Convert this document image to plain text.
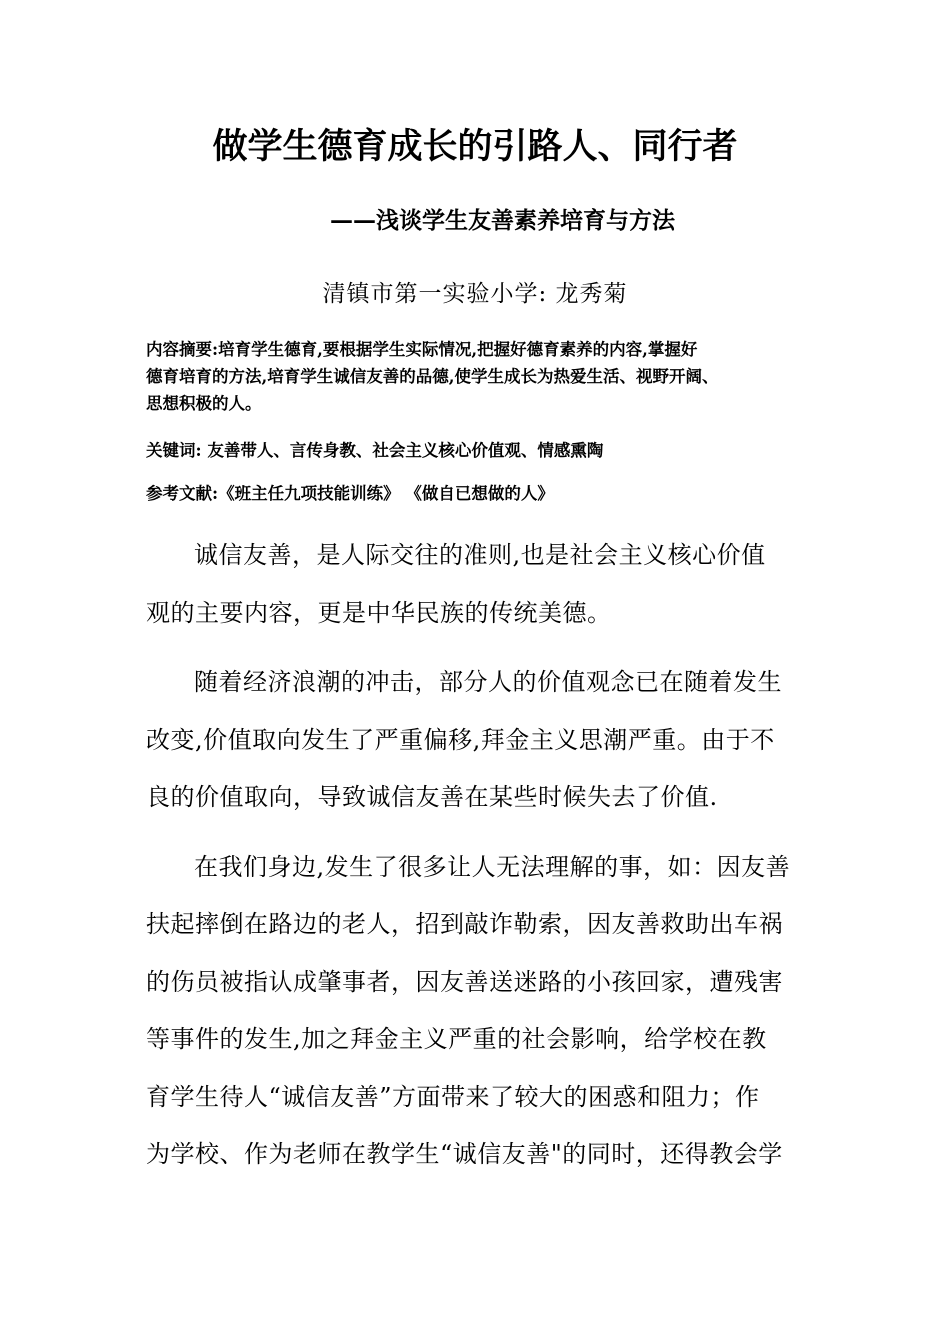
做学生德育成长的引路人、同行者
——浅谈学生友善素养培育与方法
清镇市第一实验小学: 龙秀菊
内容摘要:培育学生德育,要根据学生实际情况,把握好德育素养的内容,掌握好
德育培育的方法,培育学生诚信友善的品德,使学生成长为热爱生活、视野开阔、
思想积极的人。
关键词: 友善带人、言传身教、社会主义核心价值观、情感熏陶
参考文献:《班主任九项技能训练》 《做自已想做的人》
诚信友善，是人际交往的准则,也是社会主义核心价值
观的主要内容，更是中华民族的传统美德。
随着经济浪潮的冲击，部分人的价值观念已在随着发生
改变,价值取向发生了严重偏移,拜金主义思潮严重。由于不
良的价值取向，导致诚信友善在某些时候失去了价值.
在我们身边,发生了很多让人无法理解的事，如：因友善
扶起摔倒在路边的老人，招到敲诈勒索，因友善救助出车祸
的伤员被指认成肇事者，因友善送迷路的小孩回家，遭残害
等事件的发生,加之拜金主义严重的社会影响，给学校在教
育学生待人“诚信友善”方面带来了较大的困惑和阻力；作
为学校、作为老师在教学生“诚信友善"的同时，还得教会学
